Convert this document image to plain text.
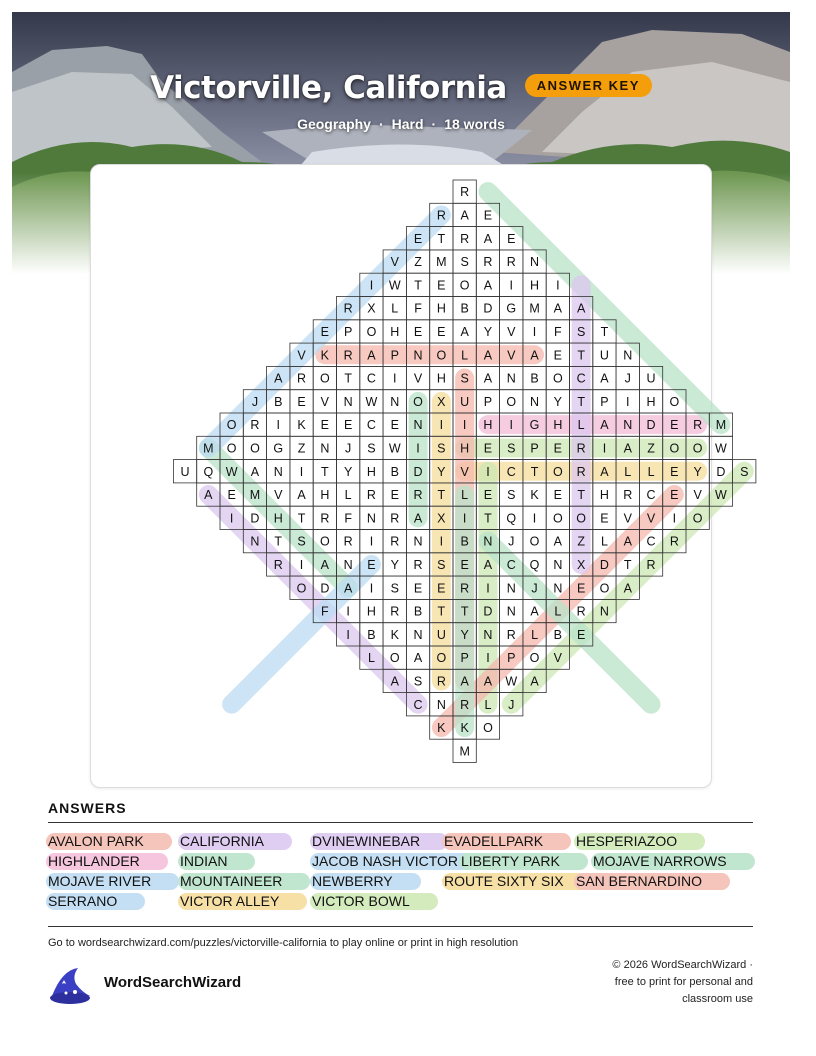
Victorville, California ANSWER KEY
Geography · Hard · 18 words
R
R A E
E T R A E
V Z M S R R N
I W T E O A I H I
R X L F H B D G M A A
E P O H E E A Y V I F S T
V K R A P N O L A V A E T U N
A R O T C I V H S A N B O C A J U
J B E V N W N O X U P O N Y T P I H O
O R I K E E C E N I I H I G H L A N D E R M
M O O G Z N J S W I S H E S P E R I A Z O O W
U Q W A N I T Y H B D Y V I C T O R A L L E Y D S
A E M V A H L R E R T L E S K E T H R C E V W
I D H T R F N R A X I T Q I O O E V V I O
N T S O R I R N I B N J O A Z L A C R
R I A N E Y R S E A C Q N X D T R
O D A I S E E R I N J N E O A
F I H R B T T D N A L R N
I B K N U Y N R L B E
L O A O P I P O V
A S R A A W A
C N R L J
K K O
M
ANSWERS
AVALON PARK	CALIFORNIA	DVINEWINEBAR EVADELLPARK HESPERIAZOO
HIGHLANDER	INDIAN	JACOB NASH VICTOR LIBERTY PARK MOJAVE NARROWS
MOJAVE RIVER MOUNTAINEER NEWBERRY	ROUTE SIXTY SIX SAN BERNARDINO
SERRANO	VICTOR ALLEY VICTOR BOWL
Go to wordsearchwizard.com/puzzles/victorville-california to play online or print in high resolution
WordSearchWizard
© 2026 WordSearchWizard ·
free to print for personal and
classroom use
